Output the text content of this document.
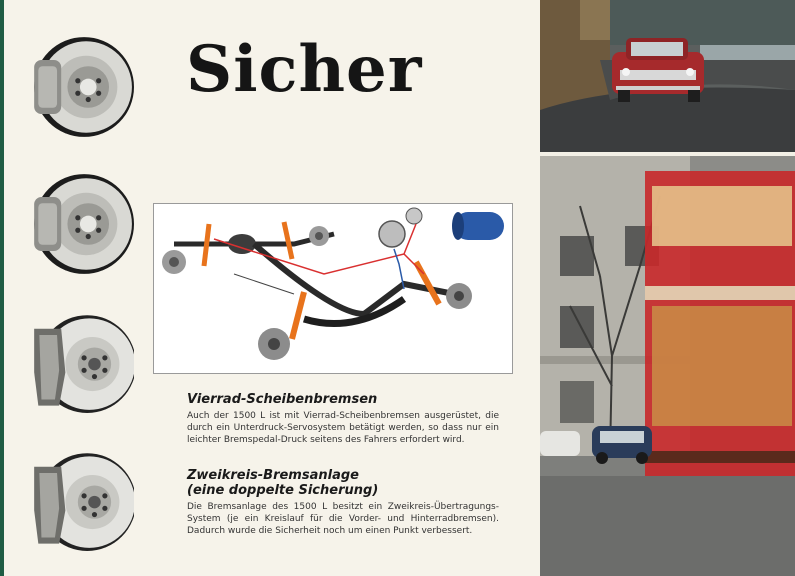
Sicher
Vierrad-Scheibenbremsen

Auch der 1500 L ist mit Vierrad-Scheibenbremsen ausgerüstet, die durch ein Unterdruck-Servosystem betätigt werden, so dass nur ein leichter Bremspedal-Druck seitens des Fahrers erfordert wird.

Zweikreis-Bremsanlage
(eine doppelte Sicherung)

Die Bremsanlage des 1500 L besitzt ein Zweikreis-Übertragungs-System (je ein Kreislauf für die Vorder- und Hinterradbremsen). Dadurch wurde die Sicherheit noch um einen Punkt verbessert.
